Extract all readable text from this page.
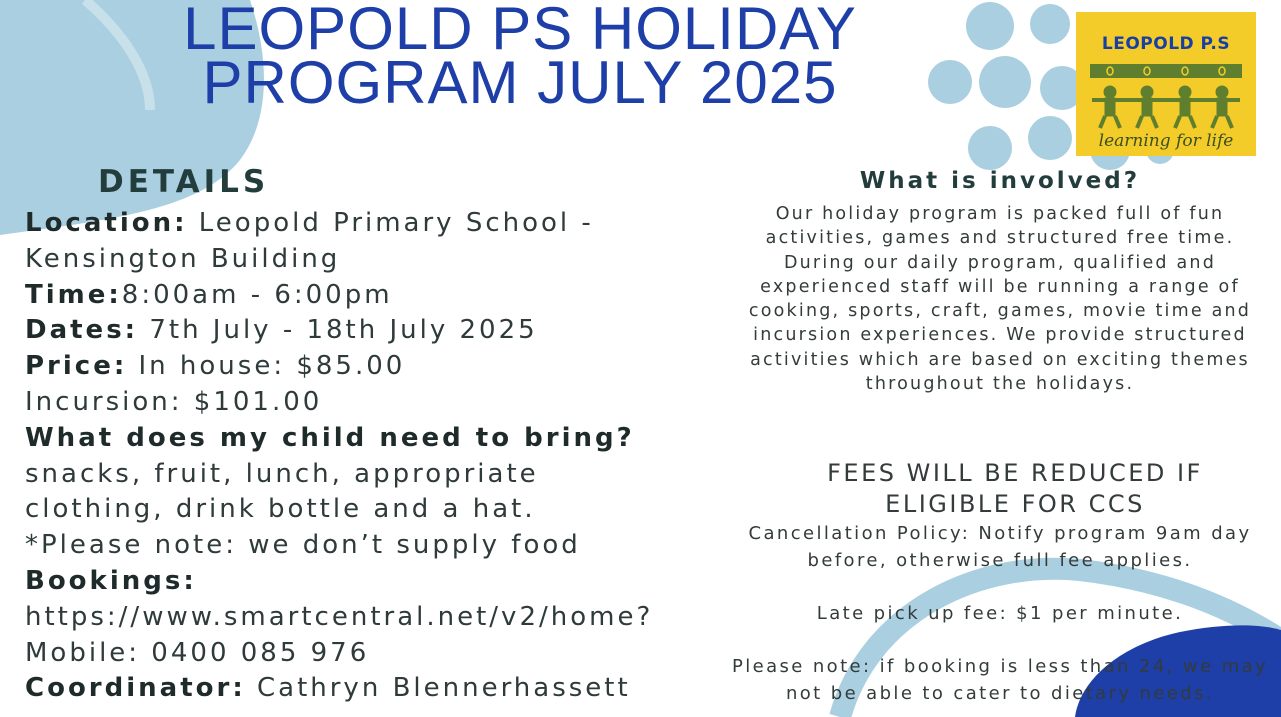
LEOPOLD PS HOLIDAY
PROGRAM JULY 2025
LEOPOLD P.S
learning for life
DETAILS

Location: Leopold Primary School -

Kensington Building

Time:8:00am - 6:00pm

Dates: 7th July - 18th July 2025

Price: In house: $85.00

Incursion: $101.00

What does my child need to bring?

snacks, fruit, lunch, appropriate

clothing, drink bottle and a hat.

*Please note: we don’t supply food

Bookings:

https://www.smartcentral.net/v2/home?

Mobile: 0400 085 976

Coordinator: Cathryn Blennerhassett

What is involved?

Our holiday program is packed full of fun activities, games and structured free time. During our daily program, qualified and experienced staff will be running a range of cooking, sports, craft, games, movie time and incursion experiences. We provide structured activities which are based on exciting themes throughout the holidays.

FEES WILL BE REDUCED IF

ELIGIBLE FOR CCS

Cancellation Policy: Notify program 9am day before, otherwise full fee applies.

Late pick up fee: $1 per minute.

Please note: if booking is less than 24, we may not be able to cater to dietary needs.
